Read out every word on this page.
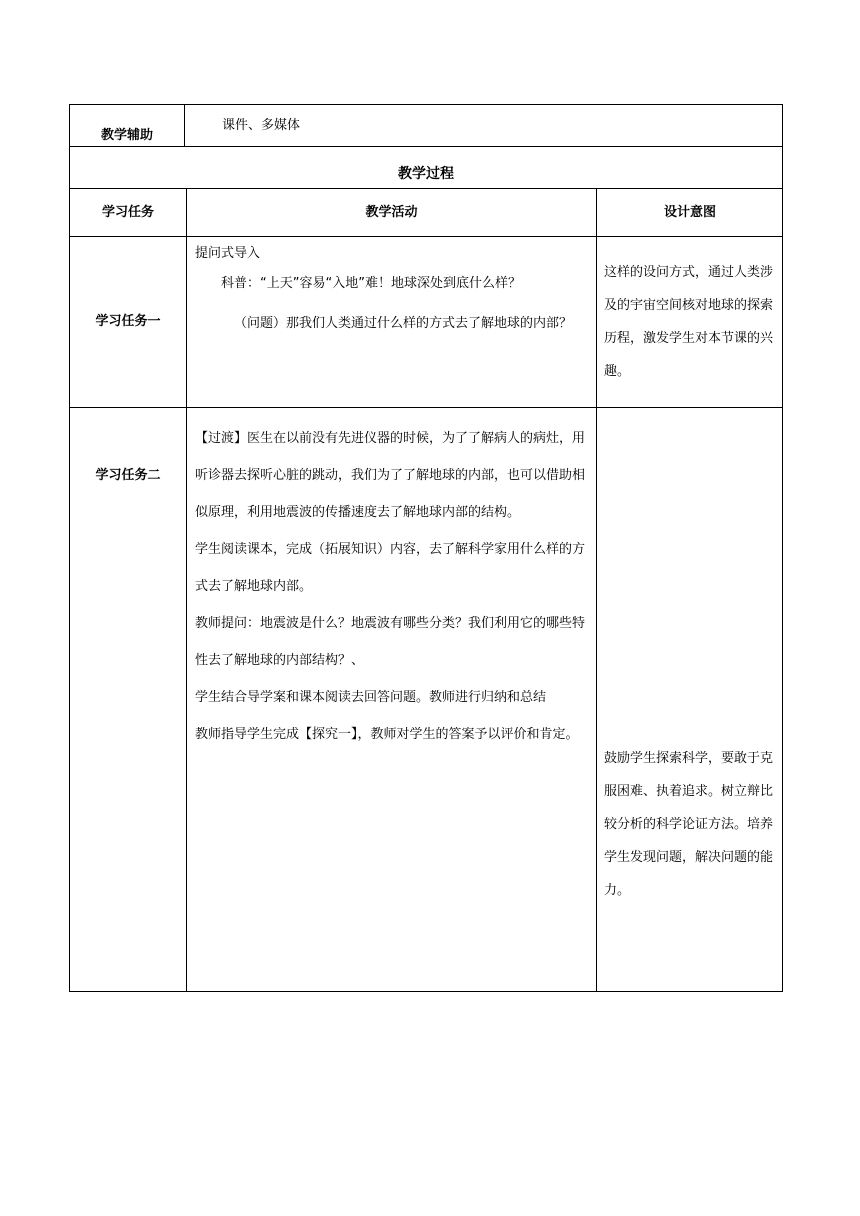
教学辅助
课件、多媒体
教学过程
学习任务	教学活动	设计意图
学习任务一

提问式导入

科普：“上天”容易“入地”难！地球深处到底什么样？

（问题）那我们人类通过什么样的方式去了解地球的内部？

这样的设问方式，通过人类涉及的宇宙空间核对地球的探索历程，激发学生对本节课的兴趣。
学习任务二

【过渡】医生在以前没有先进仪器的时候，为了了解病人的病灶，用听诊器去探听心脏的跳动，我们为了了解地球的内部，也可以借助相似原理，利用地震波的传播速度去了解地球内部的结构。

学生阅读课本，完成（拓展知识）内容，去了解科学家用什么样的方式去了解地球内部。

教师提问：地震波是什么？地震波有哪些分类？我们利用它的哪些特性去了解地球的内部结构？、

学生结合导学案和课本阅读去回答问题。教师进行归纳和总结

教师指导学生完成【探究一】，教师对学生的答案予以评价和肯定。

鼓励学生探索科学，要敢于克服困难、执着追求。树立辩比较分析的科学论证方法。培养学生发现问题，解决问题的能力。
